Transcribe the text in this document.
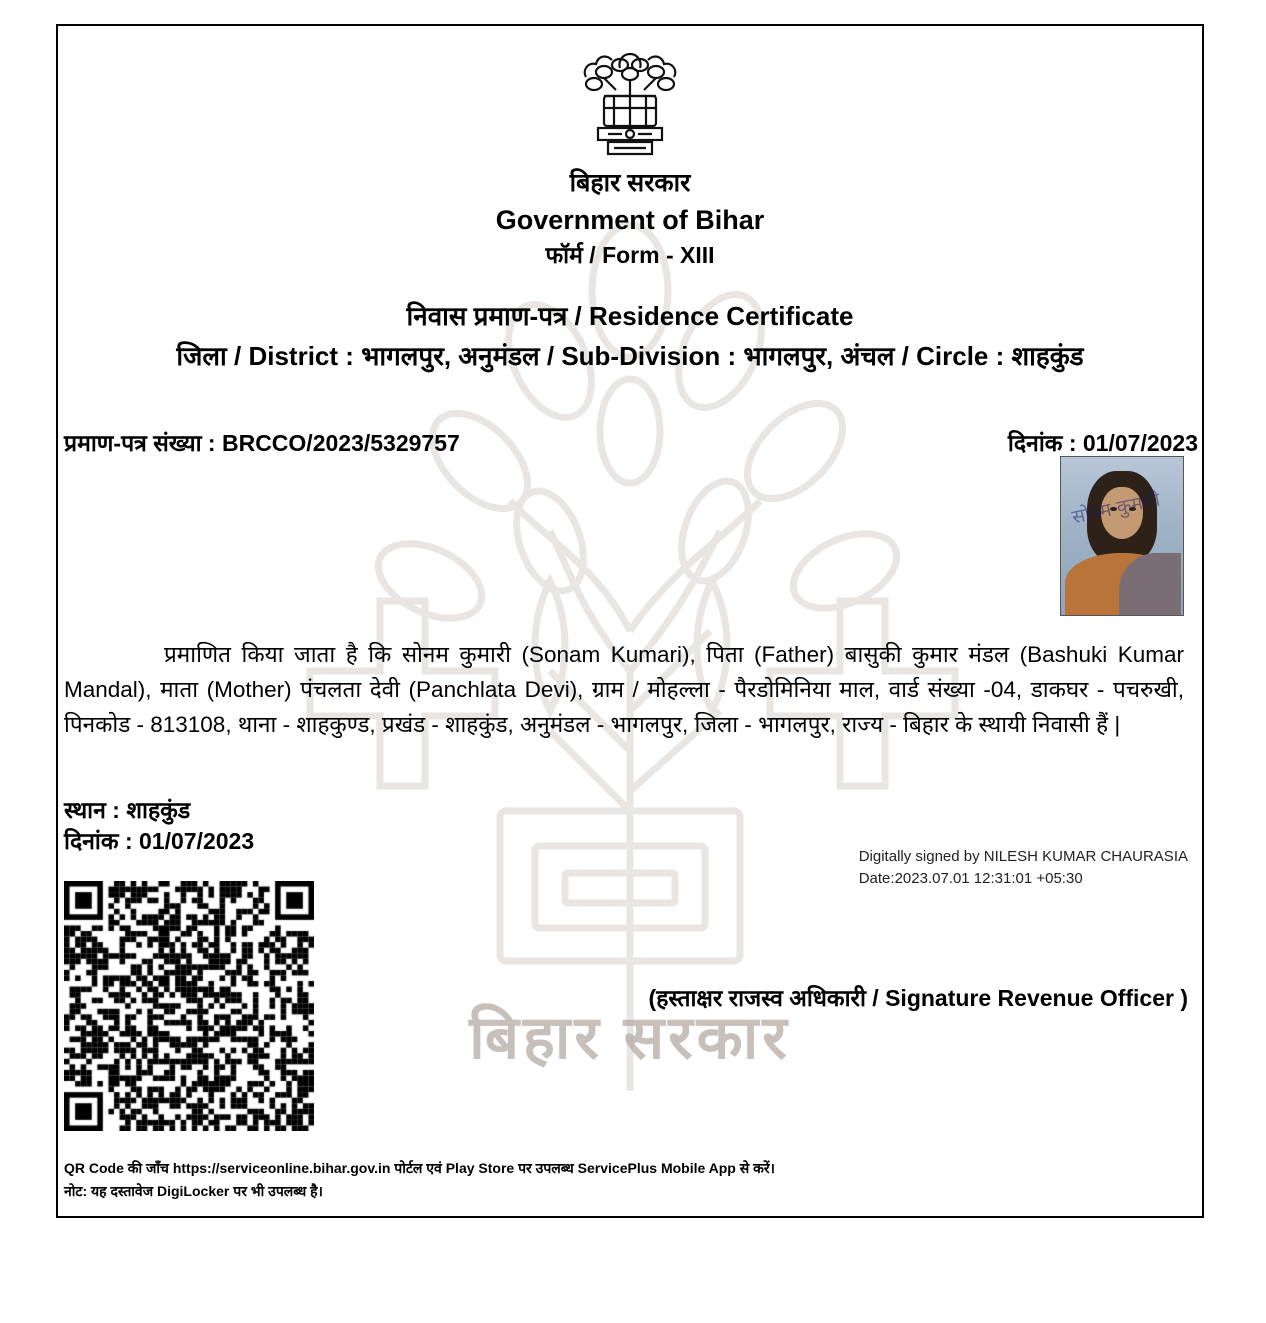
बिहार सरकार
बिहार सरकार
Government of Bihar
फॉर्म / Form - XIII
निवास प्रमाण-पत्र / Residence Certificate
जिला / District : भागलपुर, अनुमंडल / Sub-Division : भागलपुर, अंचल / Circle : शाहकुंड
प्रमाण-पत्र संख्या : BRCCO/2023/5329757	दिनांक : 01/07/2023
प्रमाणित किया जाता है कि सोनम कुमारी (Sonam Kumari), पिता (Father) बासुकी कुमार मंडल (Bashuki Kumar Mandal), माता (Mother) पंचलता देवी (Panchlata Devi), ग्राम / मोहल्ला - पैरडोमिनिया माल, वार्ड संख्या -04, डाकघर - पचरुखी, पिनकोड - 813108, थाना - शाहकुण्ड, प्रखंड - शाहकुंड, अनुमंडल - भागलपुर, जिला - भागलपुर, राज्य - बिहार के स्थायी निवासी हैं |
स्थान : शाहकुंड
दिनांक : 01/07/2023
सोनम कुमारी
Digitally signed by NILESH KUMAR CHAURASIA
Date:2023.07.01 12:31:01 +05:30
(हस्ताक्षर राजस्व अधिकारी / Signature Revenue Officer )
QR Code की जाँच https://serviceonline.bihar.gov.in पोर्टल एवं Play Store पर उपलब्ध ServicePlus Mobile App से करें।
नोट: यह दस्तावेज DigiLocker पर भी उपलब्ध है।
